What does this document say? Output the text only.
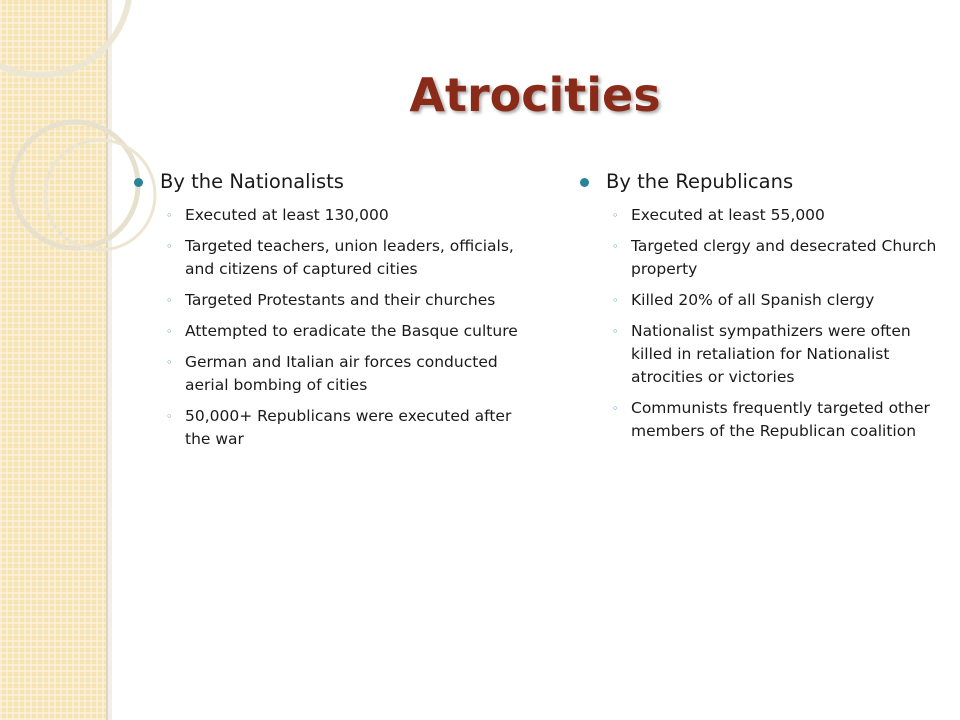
Atrocities
By the Nationalists
◦ Executed at least 130,000
◦ Targeted teachers, union leaders, officials, and citizens of captured cities
◦ Targeted Protestants and their churches
◦ Attempted to eradicate the Basque culture
◦ German and Italian air forces conducted aerial bombing of cities
◦ 50,000+ Republicans were executed after the war
By the Republicans
◦ Executed at least 55,000
◦ Targeted clergy and desecrated Church property
◦ Killed 20% of all Spanish clergy
◦ Nationalist sympathizers were often killed in retaliation for Nationalist atrocities or victories
◦ Communists frequently targeted other members of the Republican coalition
